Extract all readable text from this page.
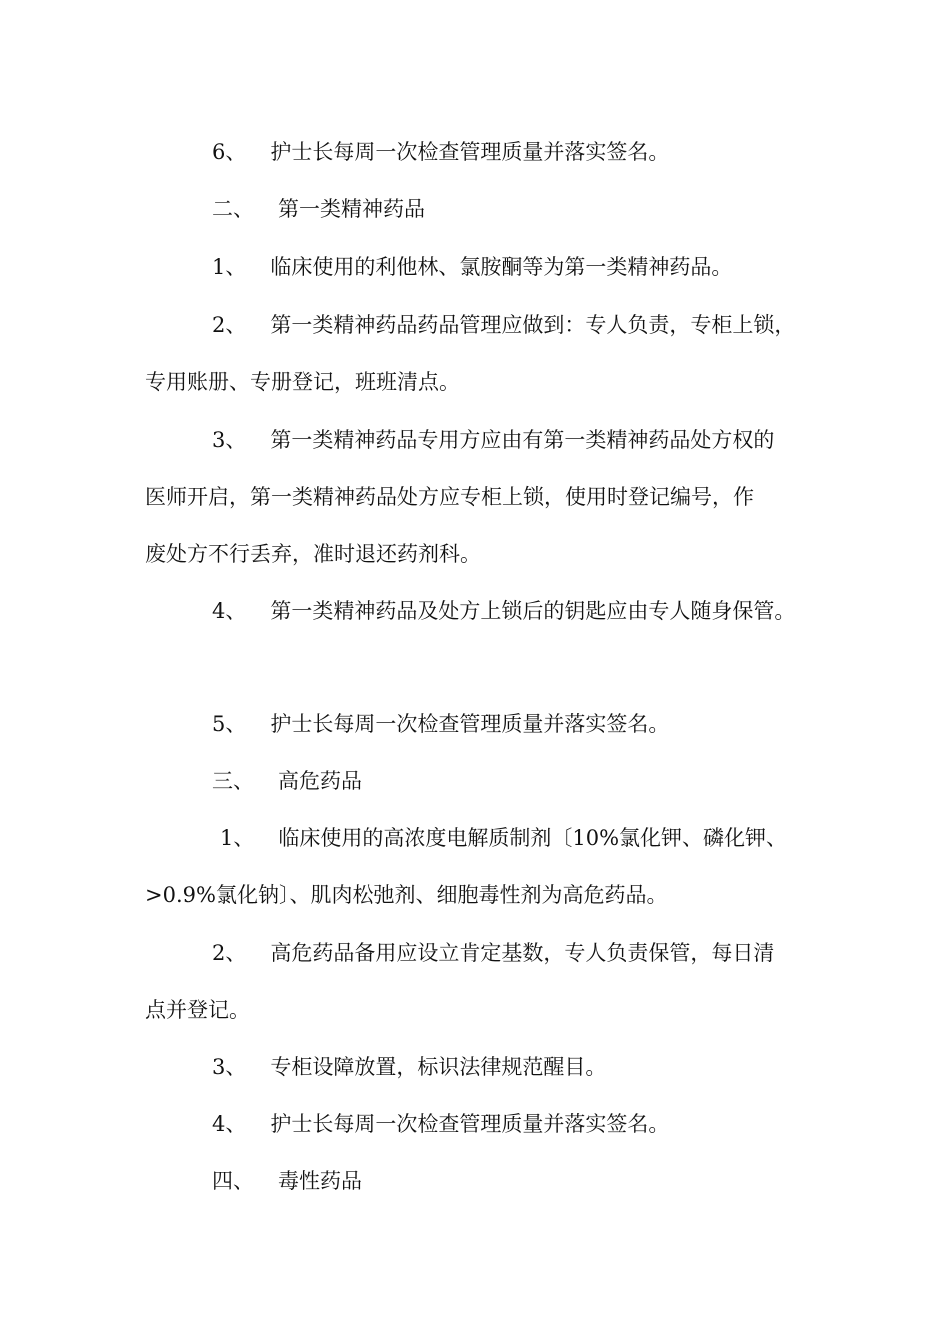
6、 护士长每周一次检查管理质量并落实签名。
二、 第一类精神药品
1、 临床使用的利他林、氯胺酮等为第一类精神药品。
2、 第一类精神药品药品管理应做到：专人负责，专柜上锁，
专用账册、专册登记，班班清点。
3、 第一类精神药品专用方应由有第一类精神药品处方权的
医师开启，第一类精神药品处方应专柜上锁，使用时登记编号，作
废处方不行丢弃，准时退还药剂科。
4、 第一类精神药品及处方上锁后的钥匙应由专人随身保管。
5、 护士长每周一次检查管理质量并落实签名。
三、 高危药品
1、 临床使用的高浓度电解质制剂〔10%氯化钾、磷化钾、
>0.9%氯化钠〕、肌肉松弛剂、细胞毒性剂为高危药品。
2、 高危药品备用应设立肯定基数，专人负责保管，每日清
点并登记。
3、 专柜设障放置，标识法律规范醒目。
4、 护士长每周一次检查管理质量并落实签名。
四、 毒性药品
